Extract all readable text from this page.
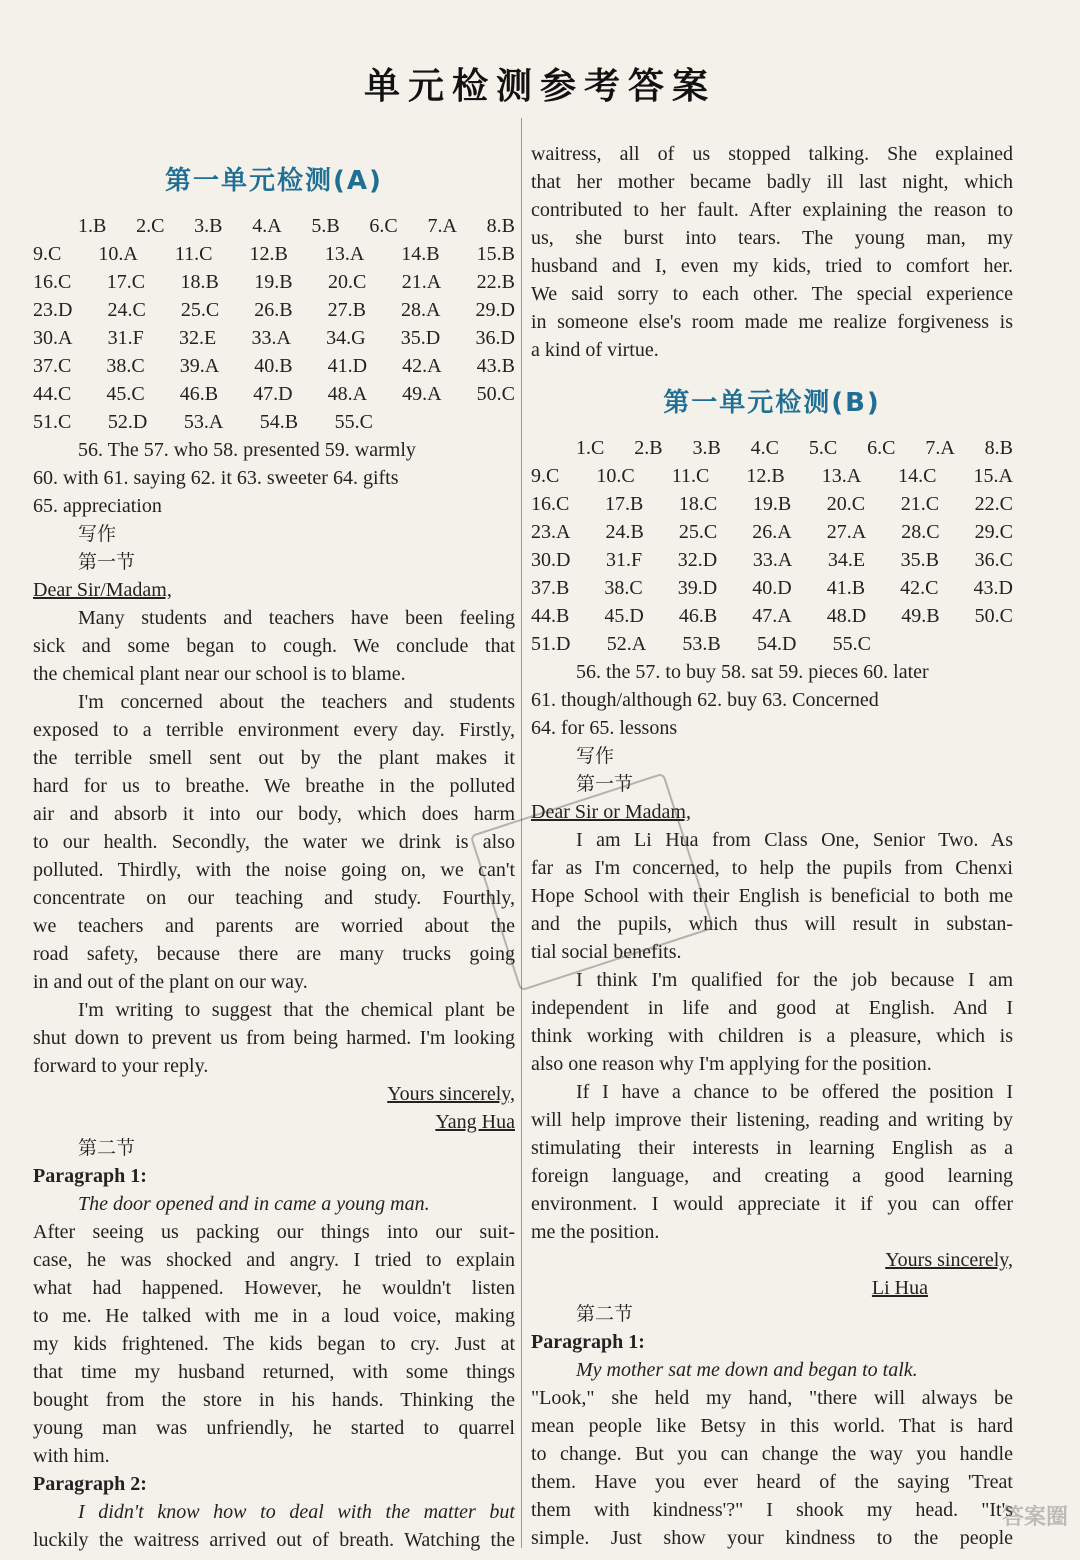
单元检测参考答案
第一单元检测(A)
1.B 2.C 3.B 4.A 5.B 6.C 7.A 8.B
9.C 10.A 11.C 12.B 13.A 14.B 15.B
16.C 17.C 18.B 19.B 20.C 21.A 22.B
23.D 24.C 25.C 26.B 27.B 28.A 29.D
30.A 31.F 32.E 33.A 34.G 35.D 36.D
37.C 38.C 39.A 40.B 41.D 42.A 43.B
44.C 45.C 46.B 47.D 48.A 49.A 50.C
51.C 52.D 53.A 54.B 55.C
56. The 57. who 58. presented 59. warmly
60. with 61. saying 62. it 63. sweeter 64. gifts
65. appreciation
写作
第一节
Dear Sir/Madam,
Many students and teachers have been feeling
sick and some began to cough. We conclude that
the chemical plant near our school is to blame.
I'm concerned about the teachers and students
exposed to a terrible environment every day. Firstly,
the terrible smell sent out by the plant makes it
hard for us to breathe. We breathe in the polluted
air and absorb it into our body, which does harm
to our health. Secondly, the water we drink is also
polluted. Thirdly, with the noise going on, we can't
concentrate on our teaching and study. Fourthly,
we teachers and parents are worried about the
road safety, because there are many trucks going
in and out of the plant on our way.
I'm writing to suggest that the chemical plant be
shut down to prevent us from being harmed. I'm looking
forward to your reply.
Yours sincerely,
Yang Hua
第二节
Paragraph 1:
The door opened and in came a young man.
After seeing us packing our things into our suit-
case, he was shocked and angry. I tried to explain
what had happened. However, he wouldn't listen
to me. He talked with me in a loud voice, making
my kids frightened. The kids began to cry. Just at
that time my husband returned, with some things
bought from the store in his hands. Thinking the
young man was unfriendly, he started to quarrel
with him.
Paragraph 2:
I didn't know how to deal with the matter but
luckily the waitress arrived out of breath. Watching the
waitress, all of us stopped talking. She explained
that her mother became badly ill last night, which
contributed to her fault. After explaining the reason to
us, she burst into tears. The young man, my
husband and I, even my kids, tried to comfort her.
We said sorry to each other. The special experience
in someone else's room made me realize forgiveness is
a kind of virtue.
第一单元检测(B)
1.C 2.B 3.B 4.C 5.C 6.C 7.A 8.B
9.C 10.C 11.C 12.B 13.A 14.C 15.A
16.C 17.B 18.C 19.B 20.C 21.C 22.C
23.A 24.B 25.C 26.A 27.A 28.C 29.C
30.D 31.F 32.D 33.A 34.E 35.B 36.C
37.B 38.C 39.D 40.D 41.B 42.C 43.D
44.B 45.D 46.B 47.A 48.D 49.B 50.C
51.D 52.A 53.B 54.D 55.C
56. the 57. to buy 58. sat 59. pieces 60. later
61. though/although 62. buy 63. Concerned
64. for 65. lessons
写作
第一节
Dear Sir or Madam,
I am Li Hua from Class One, Senior Two. As
far as I'm concerned, to help the pupils from Chenxi
Hope School with their English is beneficial to both me
and the pupils, which thus will result in substan-
tial social benefits.
I think I'm qualified for the job because I am
independent in life and good at English. And I
think working with children is a pleasure, which is
also one reason why I'm applying for the position.
If I have a chance to be offered the position I
will help improve their listening, reading and writing by
stimulating their interests in learning English as a
foreign language, and creating a good learning
environment. I would appreciate it if you can offer
me the position.
Yours sincerely,
Li Hua
第二节
Paragraph 1:
My mother sat me down and began to talk.
"Look," she held my hand, "there will always be
mean people like Betsy in this world. That is hard
to change. But you can change the way you handle
them. Have you ever heard of the saying 'Treat
them with kindness'?" I shook my head. "It's
simple. Just show your kindness to the people
答案圈
